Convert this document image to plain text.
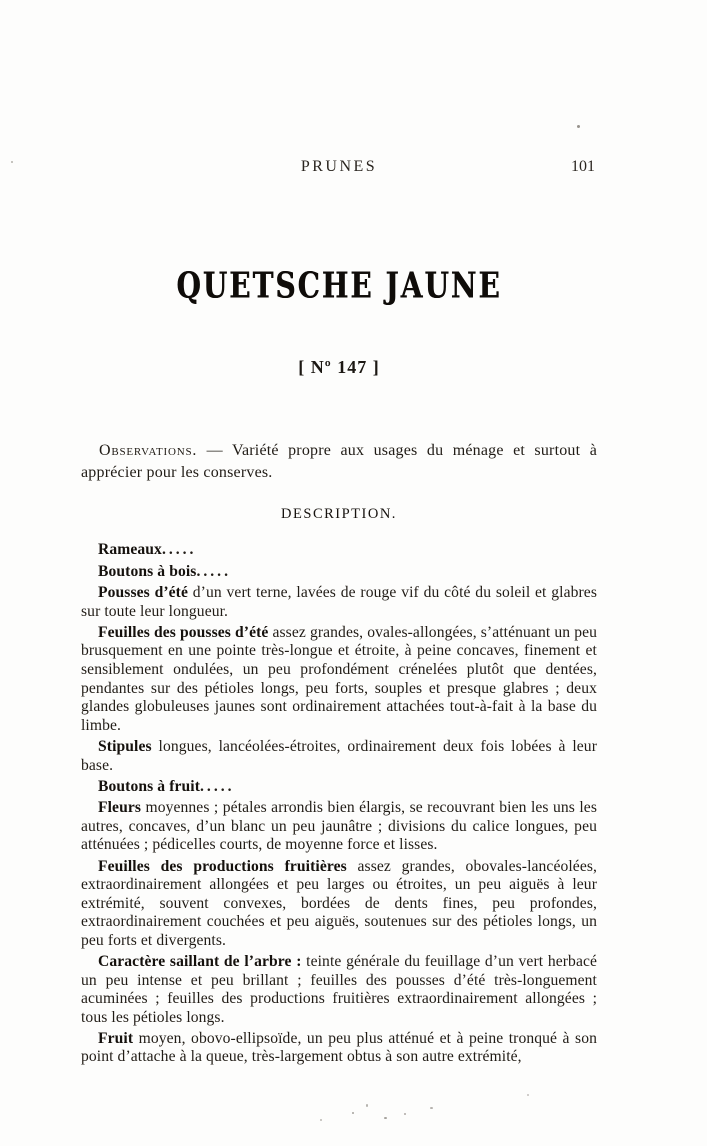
PRUNES	101
QUETSCHE JAUNE
[ Nº 147 ]

Observations. — Variété propre aux usages du ménage et surtout à apprécier pour les conserves.

DESCRIPTION.

Rameaux.....

Boutons à bois.....

Pousses d’été d’un vert terne, lavées de rouge vif du côté du soleil et glabres sur toute leur longueur.

Feuilles des pousses d’été assez grandes, ovales-allongées, s’atténuant un peu brusquement en une pointe très-longue et étroite, à peine concaves, finement et sensiblement ondulées, un peu profondément crénelées plutôt que dentées, pendantes sur des pétioles longs, peu forts, souples et presque glabres ; deux glandes globuleuses jaunes sont ordinairement attachées tout-à-fait à la base du limbe.

Stipules longues, lancéolées-étroites, ordinairement deux fois lobées à leur base.

Boutons à fruit.....

Fleurs moyennes ; pétales arrondis bien élargis, se recouvrant bien les uns les autres, concaves, d’un blanc un peu jaunâtre ; divisions du calice longues, peu atténuées ; pédicelles courts, de moyenne force et lisses.

Feuilles des productions fruitières assez grandes, obovales-lancéolées, extraordinairement allongées et peu larges ou étroites, un peu aiguës à leur extrémité, souvent convexes, bordées de dents fines, peu profondes, extraordinairement couchées et peu aiguës, soutenues sur des pétioles longs, un peu forts et divergents.

Caractère saillant de l’arbre : teinte générale du feuillage d’un vert herbacé un peu intense et peu brillant ; feuilles des pousses d’été très-longuement acuminées ; feuilles des productions fruitières extraordinairement allongées ; tous les pétioles longs.

Fruit moyen, obovo-ellipsoïde, un peu plus atténué et à peine tronqué à son point d’attache à la queue, très-largement obtus à son autre extrémité,
